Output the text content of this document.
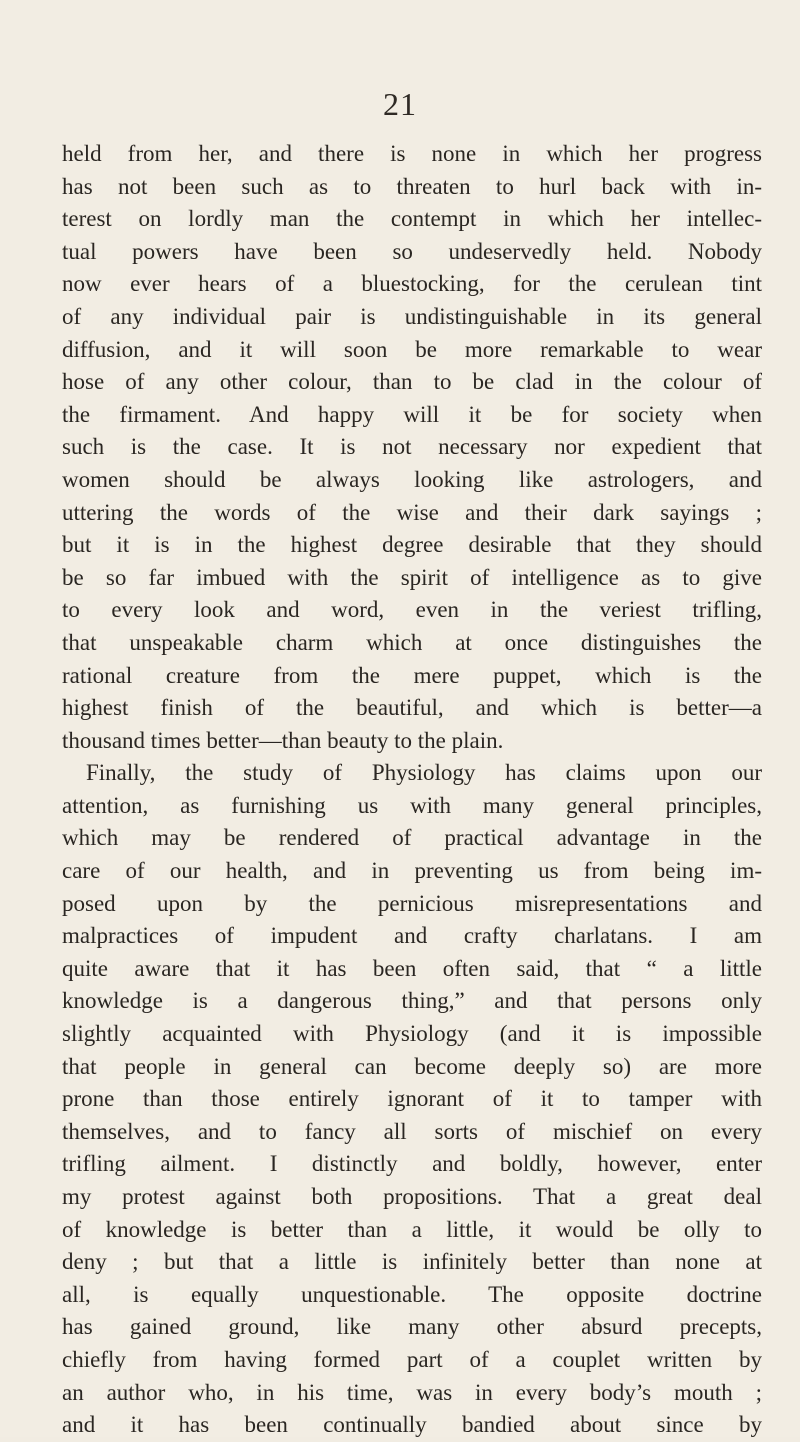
21
held from her, and there is none in which her progress
has not been such as to threaten to hurl back with in-
terest on lordly man the contempt in which her intellec-
tual powers have been so undeservedly held. Nobody
now ever hears of a bluestocking, for the cerulean tint
of any individual pair is undistinguishable in its general
diffusion, and it will soon be more remarkable to wear
hose of any other colour, than to be clad in the colour of
the firmament. And happy will it be for society when
such is the case. It is not necessary nor expedient that
women should be always looking like astrologers, and
uttering the words of the wise and their dark sayings ;
but it is in the highest degree desirable that they should
be so far imbued with the spirit of intelligence as to give
to every look and word, even in the veriest trifling,
that unspeakable charm which at once distinguishes the
rational creature from the mere puppet, which is the
highest finish of the beautiful, and which is better—a
thousand times better—than beauty to the plain.
Finally, the study of Physiology has claims upon our
attention, as furnishing us with many general principles,
which may be rendered of practical advantage in the
care of our health, and in preventing us from being im-
posed upon by the pernicious misrepresentations and
malpractices of impudent and crafty charlatans. I am
quite aware that it has been often said, that “ a little
knowledge is a dangerous thing,” and that persons only
slightly acquainted with Physiology (and it is impossible
that people in general can become deeply so) are more
prone than those entirely ignorant of it to tamper with
themselves, and to fancy all sorts of mischief on every
trifling ailment. I distinctly and boldly, however, enter
my protest against both propositions. That a great deal
of knowledge is better than a little, it would be olly to
deny ; but that a little is infinitely better than none at
all, is equally unquestionable. The opposite doctrine
has gained ground, like many other absurd precepts,
chiefly from having formed part of a couplet written by
an author who, in his time, was in every body’s mouth ;
and it has been continually bandied about since by
